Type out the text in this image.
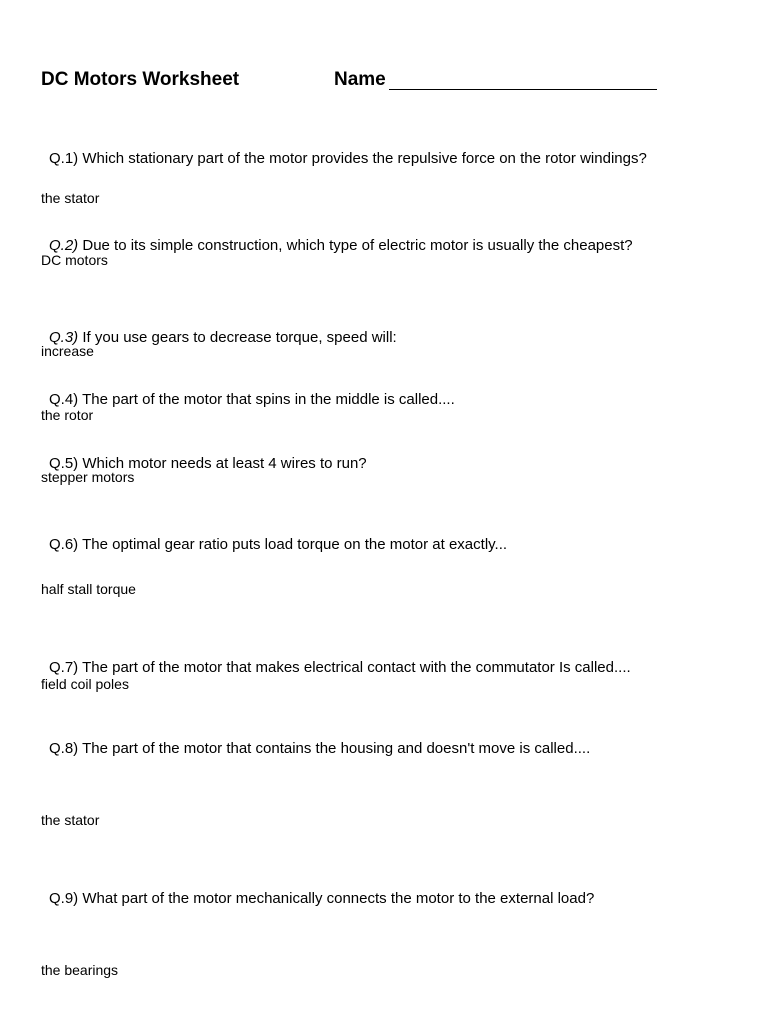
DC Motors Worksheet	Name
Q.1) Which stationary part of the motor provides the repulsive force on the rotor windings?
the stator
Q.2) Due to its simple construction, which type of electric motor is usually the cheapest?
DC motors
Q.3) If you use gears to decrease torque, speed will:
increase
Q.4) The part of the motor that spins in the middle is called....
the rotor
Q.5) Which motor needs at least 4 wires to run?
stepper motors
Q.6) The optimal gear ratio puts load torque on the motor at exactly...
half stall torque
Q.7) The part of the motor that makes electrical contact with the commutator Is called....
field coil poles
Q.8) The part of the motor that contains the housing and doesn't move is called....
the stator
Q.9) What part of the motor mechanically connects the motor to the external load?
the bearings
